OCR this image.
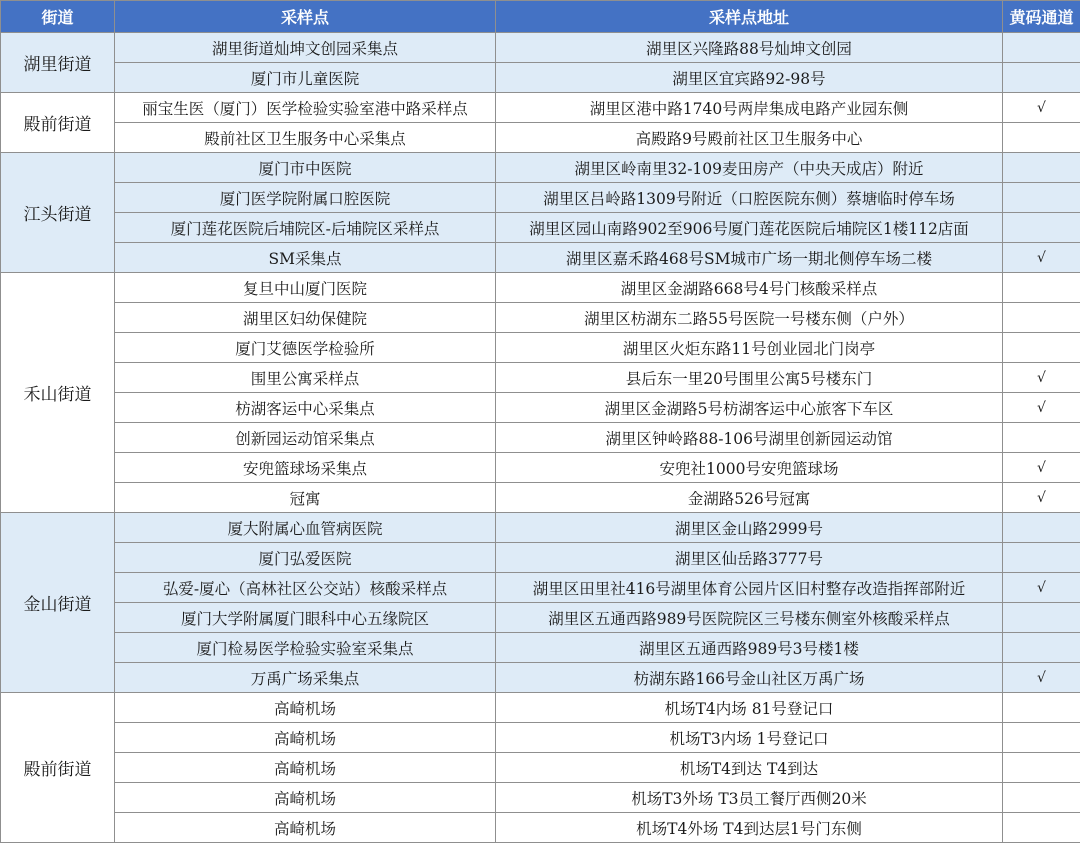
街道	采样点	采样点地址	黄码通道
湖里街道	湖里街道灿坤文创园采集点	湖里区兴隆路88号灿坤文创园	
	厦门市儿童医院	湖里区宜宾路92-98号	
殿前街道	丽宝生医（厦门）医学检验实验室港中路采样点	湖里区港中路1740号两岸集成电路产业园东侧	√
	殿前社区卫生服务中心采集点	高殿路9号殿前社区卫生服务中心	
江头街道	厦门市中医院	湖里区岭南里32-109麦田房产（中央天成店）附近	
	厦门医学院附属口腔医院	湖里区吕岭路1309号附近（口腔医院东侧）蔡塘临时停车场	
	厦门莲花医院后埔院区-后埔院区采样点	湖里区园山南路902至906号厦门莲花医院后埔院区1楼112店面	
	SM采集点	湖里区嘉禾路468号SM城市广场一期北侧停车场二楼	√
禾山街道	复旦中山厦门医院	湖里区金湖路668号4号门核酸采样点	
	湖里区妇幼保健院	湖里区枋湖东二路55号医院一号楼东侧（户外）	
	厦门艾德医学检验所	湖里区火炬东路11号创业园北门岗亭	
	围里公寓采样点	县后东一里20号围里公寓5号楼东门	√
	枋湖客运中心采集点	湖里区金湖路5号枋湖客运中心旅客下车区	√
	创新园运动馆采集点	湖里区钟岭路88-106号湖里创新园运动馆	
	安兜篮球场采集点	安兜社1000号安兜篮球场	√
	冠寓	金湖路526号冠寓	√
金山街道	厦大附属心血管病医院	湖里区金山路2999号	
	厦门弘爱医院	湖里区仙岳路3777号	
	弘爱-厦心（高林社区公交站）核酸采样点	湖里区田里社416号湖里体育公园片区旧村整存改造指挥部附近	√
	厦门大学附属厦门眼科中心五缘院区	湖里区五通西路989号医院院区三号楼东侧室外核酸采样点	
	厦门检易医学检验实验室采集点	湖里区五通西路989号3号楼1楼	
	万禹广场采集点	枋湖东路166号金山社区万禹广场	√
殿前街道	高崎机场	机场T4内场 81号登记口	
	高崎机场	机场T3内场 1号登记口	
	高崎机场	机场T4到达 T4到达	
	高崎机场	机场T3外场 T3员工餐厅西侧20米	
	高崎机场	机场T4外场 T4到达层1号门东侧	
